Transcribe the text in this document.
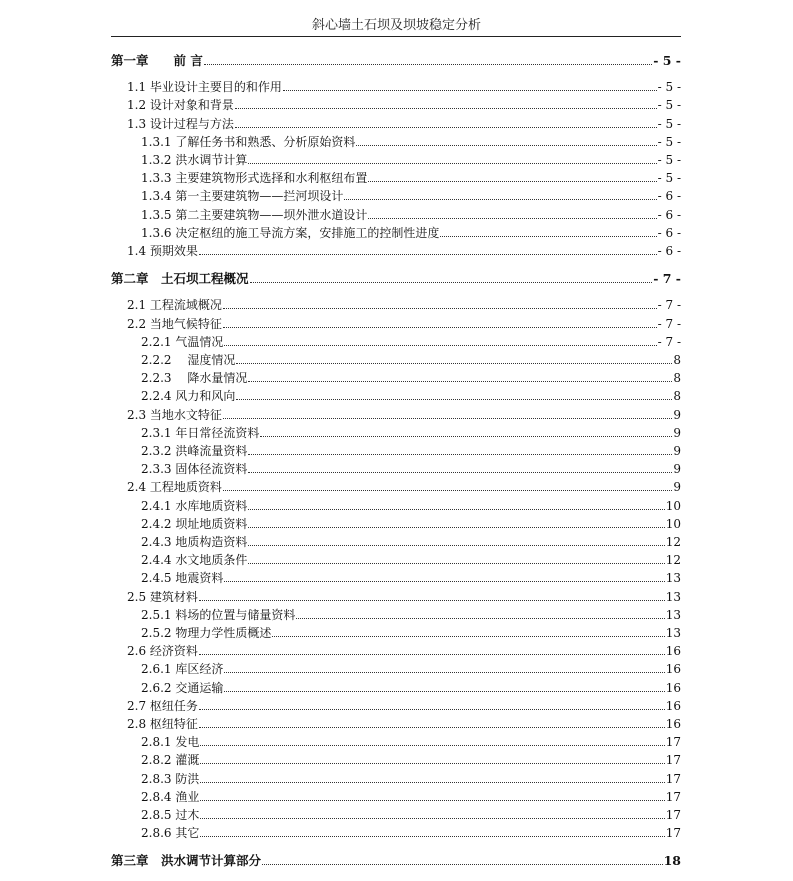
斜心墙土石坝及坝坡稳定分析
第一章　　前 言	- 5 -
1.1 毕业设计主要目的和作用	- 5 -
1.2 设计对象和背景	- 5 -
1.3 设计过程与方法	- 5 -
1.3.1 了解任务书和熟悉、分析原始资料	- 5 -
1.3.2 洪水调节计算	- 5 -
1.3.3 主要建筑物形式选择和水利枢纽布置	- 5 -
1.3.4 第一主要建筑物——拦河坝设计	- 6 -
1.3.5 第二主要建筑物——坝外泄水道设计	- 6 -
1.3.6 决定枢纽的施工导流方案，安排施工的控制性进度	- 6 -
1.4 预期效果	- 6 -
第二章　土石坝工程概况	- 7 -
2.1 工程流域概况	- 7 -
2.2 当地气候特征	- 7 -
2.2.1 气温情况	- 7 -
2.2.2　 湿度情况	8
2.2.3　 降水量情况	8
2.2.4 风力和风向	8
2.3 当地水文特征	9
2.3.1 年日常径流资料	9
2.3.2 洪峰流量资料	9
2.3.3 固体径流资料	9
2.4 工程地质资料	9
2.4.1 水库地质资料	10
2.4.2 坝址地质资料	10
2.4.3 地质构造资料	12
2.4.4 水文地质条件	12
2.4.5 地震资料	13
2.5 建筑材料	13
2.5.1 料场的位置与储量资料	13
2.5.2 物理力学性质概述	13
2.6 经济资料	16
2.6.1 库区经济	16
2.6.2 交通运输	16
2.7 枢纽任务	16
2.8 枢纽特征	16
2.8.1 发电	17
2.8.2 灌溉	17
2.8.3 防洪	17
2.8.4 渔业	17
2.8.5 过木	17
2.8.6 其它	17
第三章　洪水调节计算部分	18
